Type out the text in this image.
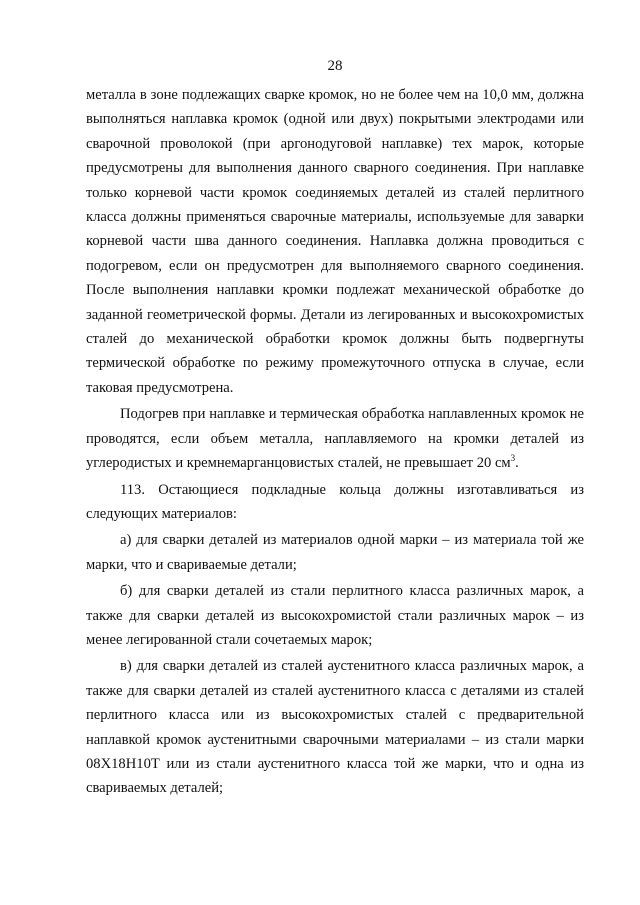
28

металла в зоне подлежащих сварке кромок, но не более чем на 10,0 мм, должна выполняться наплавка кромок (одной или двух) покрытыми электродами или сварочной проволокой (при аргонодуговой наплавке) тех марок, которые предусмотрены для выполнения данного сварного соединения. При наплавке только корневой части кромок соединяемых деталей из сталей перлитного класса должны применяться сварочные материалы, используемые для заварки корневой части шва данного соединения. Наплавка должна проводиться с подогревом, если он предусмотрен для выполняемого сварного соединения. После выполнения наплавки кромки подлежат механической обработке до заданной геометрической формы. Детали из легированных и высокохромистых сталей до механической обработки кромок должны быть подвергнуты термической обработке по режиму промежуточного отпуска в случае, если таковая предусмотрена.

Подогрев при наплавке и термическая обработка наплавленных кромок не проводятся, если объем металла, наплавляемого на кромки деталей из углеродистых и кремнемарганцовистых сталей, не превышает 20 $см^3$.

113. Остающиеся подкладные кольца должны изготавливаться из следующих материалов:

а) для сварки деталей из материалов одной марки – из материала той же марки, что и свариваемые детали;

б) для сварки деталей из стали перлитного класса различных марок, а также для сварки деталей из высокохромистой стали различных марок – из менее легированной стали сочетаемых марок;

в) для сварки деталей из сталей аустенитного класса различных марок, а также для сварки деталей из сталей аустенитного класса с деталями из сталей перлитного класса или из высокохромистых сталей с предварительной наплавкой кромок аустенитными сварочными материалами – из стали марки 08Х18Н10Т или из стали аустенитного класса той же марки, что и одна из свариваемых деталей;
